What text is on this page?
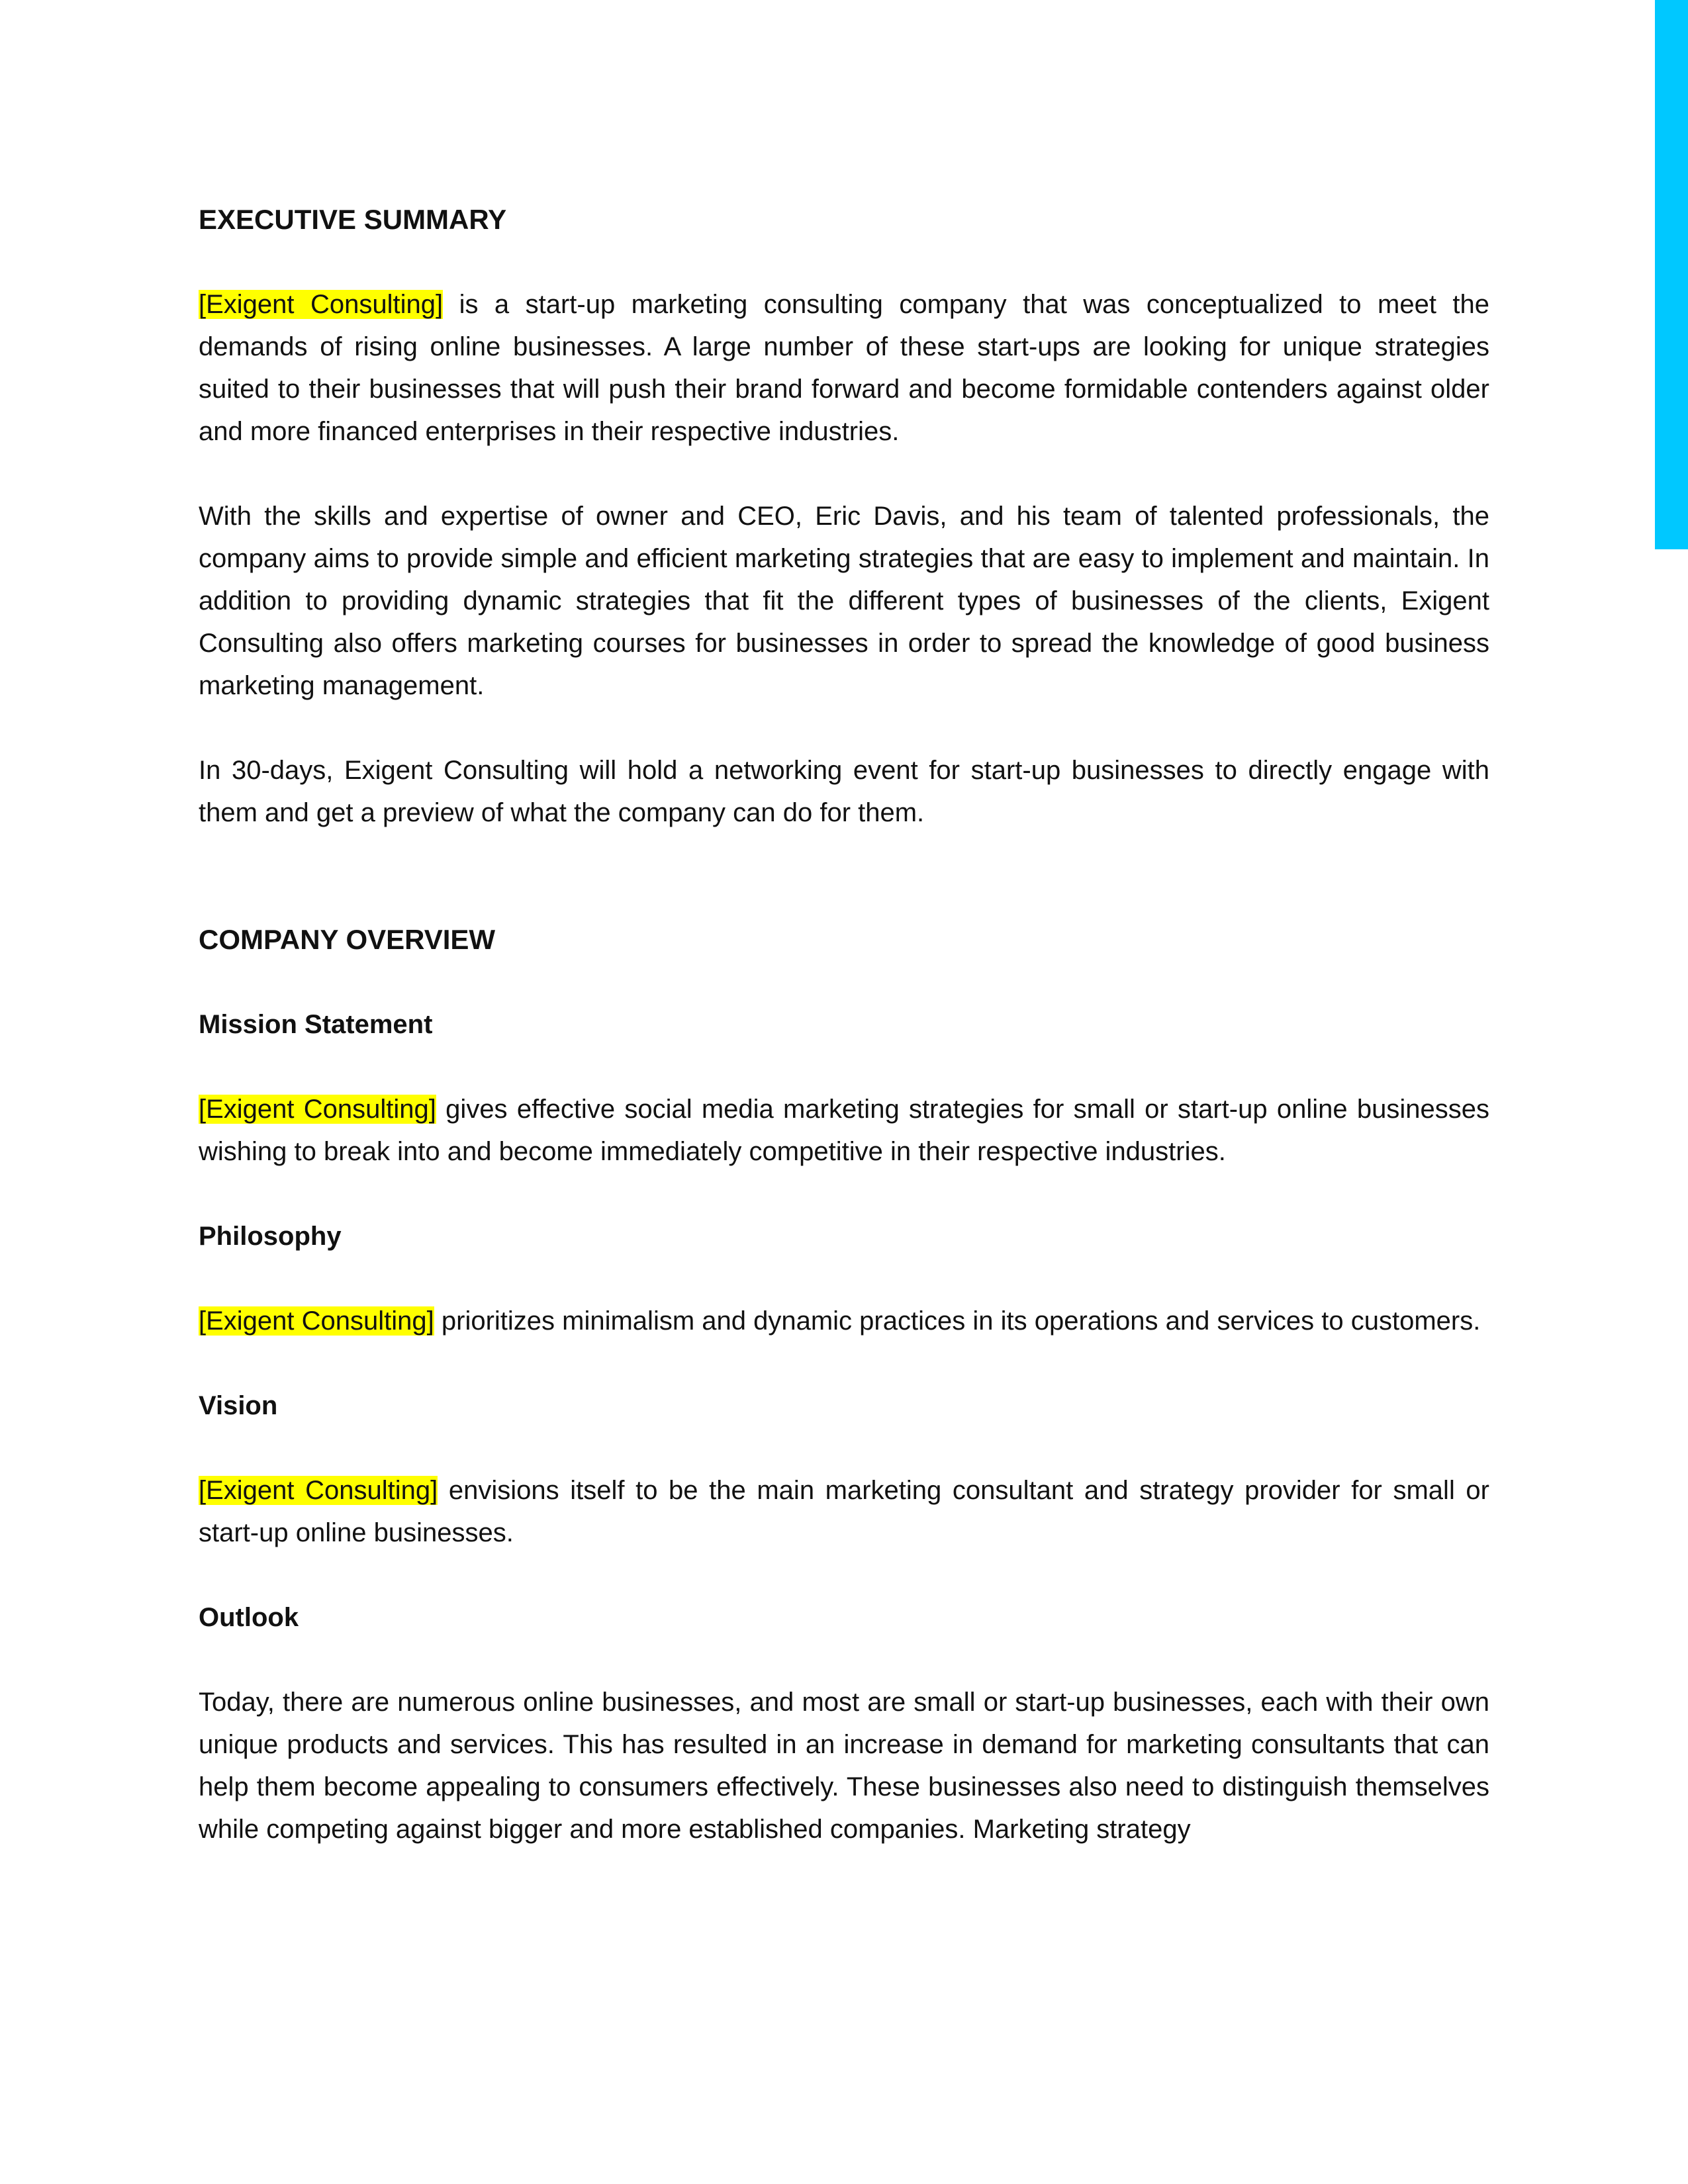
EXECUTIVE SUMMARY

[Exigent Consulting] is a start-up marketing consulting company that was conceptualized to meet the demands of rising online businesses. A large number of these start-ups are looking for unique strategies suited to their businesses that will push their brand forward and become formidable contenders against older and more financed enterprises in their respective industries.

With the skills and expertise of owner and CEO, Eric Davis, and his team of talented professionals, the company aims to provide simple and efficient marketing strategies that are easy to implement and maintain. In addition to providing dynamic strategies that fit the different types of businesses of the clients, Exigent Consulting also offers marketing courses for businesses in order to spread the knowledge of good business marketing management.

In 30-days, Exigent Consulting will hold a networking event for start-up businesses to directly engage with them and get a preview of what the company can do for them.

COMPANY OVERVIEW
Mission Statement

[Exigent Consulting] gives effective social media marketing strategies for small or start-up online businesses wishing to break into and become immediately competitive in their respective industries.

Philosophy

[Exigent Consulting] prioritizes minimalism and dynamic practices in its operations and services to customers.

Vision

[Exigent Consulting] envisions itself to be the main marketing consultant and strategy provider for small or start-up online businesses.

Outlook

Today, there are numerous online businesses, and most are small or start-up businesses, each with their own unique products and services. This has resulted in an increase in demand for marketing consultants that can help them become appealing to consumers effectively. These businesses also need to distinguish themselves while competing against bigger and more established companies. Marketing strategy
